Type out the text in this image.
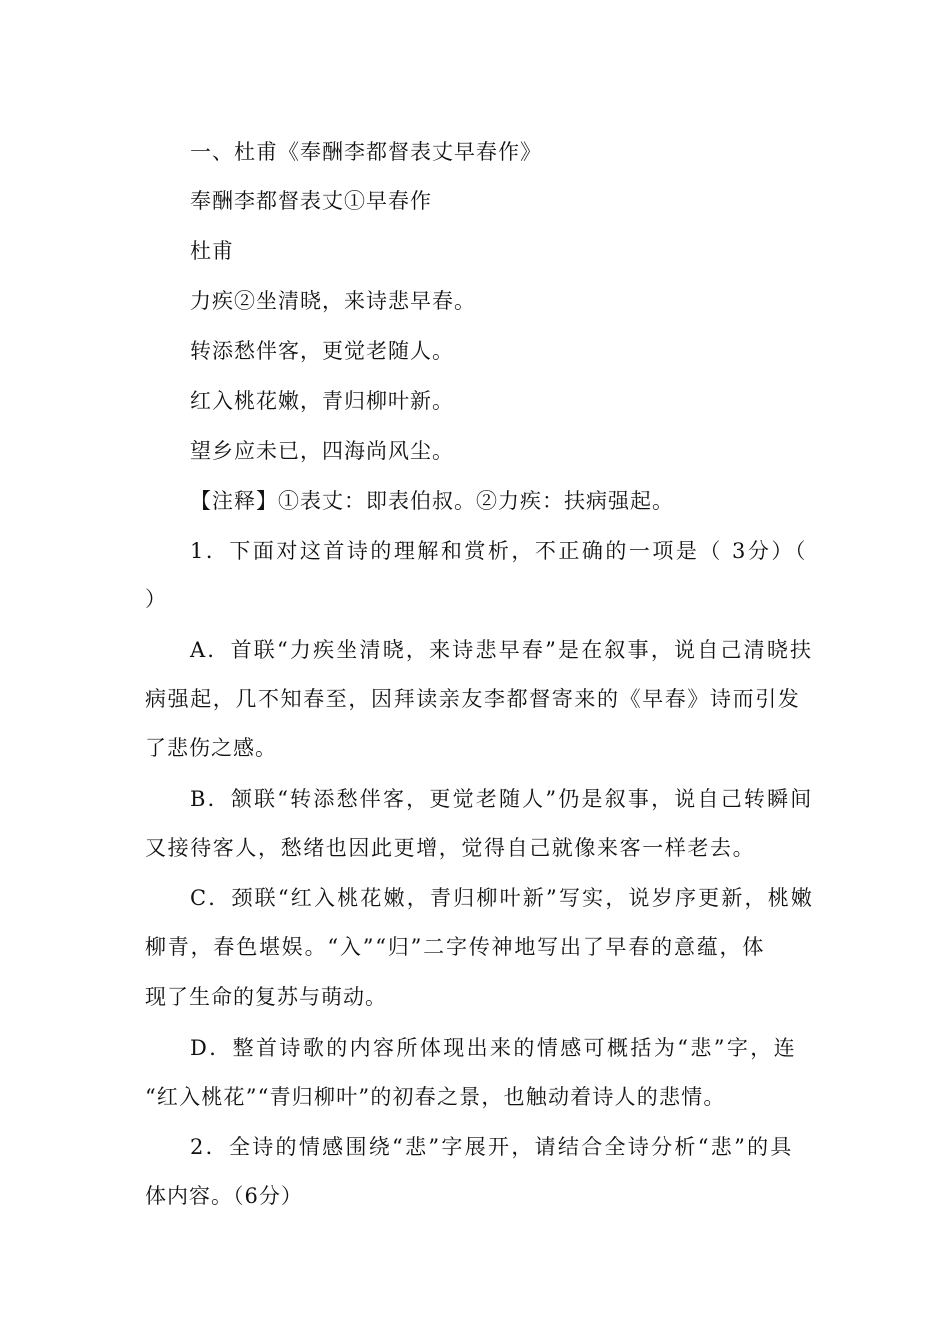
一、杜甫《奉酬李都督表丈早春作》
奉酬李都督表丈①早春作
杜甫
力疾②坐清晓，来诗悲早春。
转添愁伴客，更觉老随人。
红入桃花嫩，青归柳叶新。
望乡应未已，四海尚风尘。
【注释】①表丈：即表伯叔。②力疾：扶病强起。
1．下面对这首诗的理解和赏析，不正确的一项是（ 3分）（
）
A．首联“力疾坐清晓，来诗悲早春”是在叙事，说自己清晓扶
病强起，几不知春至，因拜读亲友李都督寄来的《早春》诗而引发
了悲伤之感。
B．颔联“转添愁伴客，更觉老随人”仍是叙事，说自己转瞬间
又接待客人，愁绪也因此更增，觉得自己就像来客一样老去。
C．颈联“红入桃花嫩，青归柳叶新”写实，说岁序更新，桃嫩
柳青，春色堪娱。“入”“归”二字传神地写出了早春的意蕴，体
现了生命的复苏与萌动。
D．整首诗歌的内容所体现出来的情感可概括为“悲”字，连
“红入桃花”“青归柳叶”的初春之景，也触动着诗人的悲情。
2．全诗的情感围绕“悲”字展开，请结合全诗分析“悲”的具
体内容。（6分）
